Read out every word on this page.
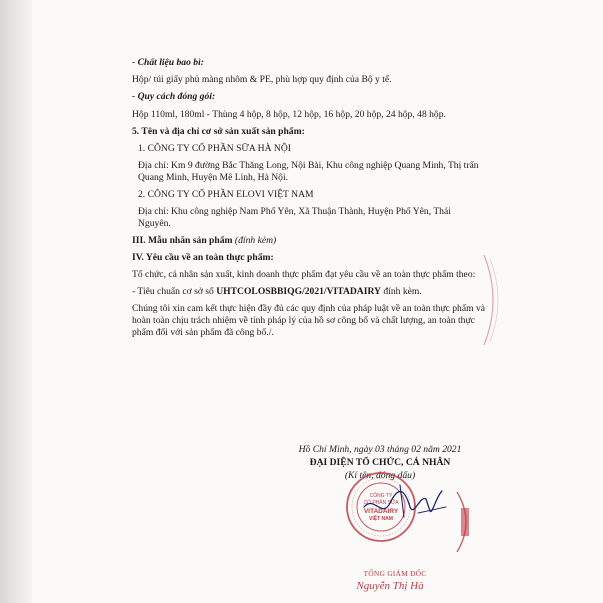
- Chất liệu bao bì:
Hộp/ túi giấy phủ màng nhôm & PE, phù hợp quy định của Bộ y tế.
- Quy cách đóng gói:
Hộp 110ml, 180ml - Thùng 4 hộp, 8 hộp, 12 hộp, 16 hộp, 20 hộp, 24 hộp, 48 hộp.
5. Tên và địa chỉ cơ sở sản xuất sản phẩm:
1. CÔNG TY CỔ PHẦN SỮA HÀ NỘI
Địa chỉ: Km 9 đường Bắc Thăng Long, Nội Bài, Khu công nghiệp Quang Minh, Thị trấn
Quang Minh, Huyện Mê Linh, Hà Nội.
2. CÔNG TY CỔ PHẦN ELOVI VIỆT NAM
Địa chỉ: Khu công nghiệp Nam Phổ Yên, Xã Thuận Thành, Huyện Phổ Yên, Thái
Nguyên.
III. Mẫu nhãn sản phẩm (đính kèm)
IV. Yêu cầu về an toàn thực phẩm:
Tổ chức, cá nhân sản xuất, kinh doanh thực phẩm đạt yêu cầu về an toàn thực phẩm theo:
- Tiêu chuẩn cơ sở số UHTCOLOSBBIQG/2021/VITADAIRY đính kèm.
Chúng tôi xin cam kết thực hiện đầy đủ các quy định của pháp luật về an toàn thực phẩm và
hoàn toàn chịu trách nhiệm về tính pháp lý của hồ sơ công bố và chất lượng, an toàn thực
phẩm đối với sản phẩm đã công bố./.
Hồ Chí Minh, ngày 03 tháng 02 năm 2021
ĐẠI DIỆN TỔ CHỨC, CÁ NHÂN
(Kí tên, đóng dấu)
CÔNG TY
CỔ PHẦN SỮA
VITADAIRY
VIỆT NAM
TỔNG GIÁM ĐỐC
Nguyễn Thị Hà
